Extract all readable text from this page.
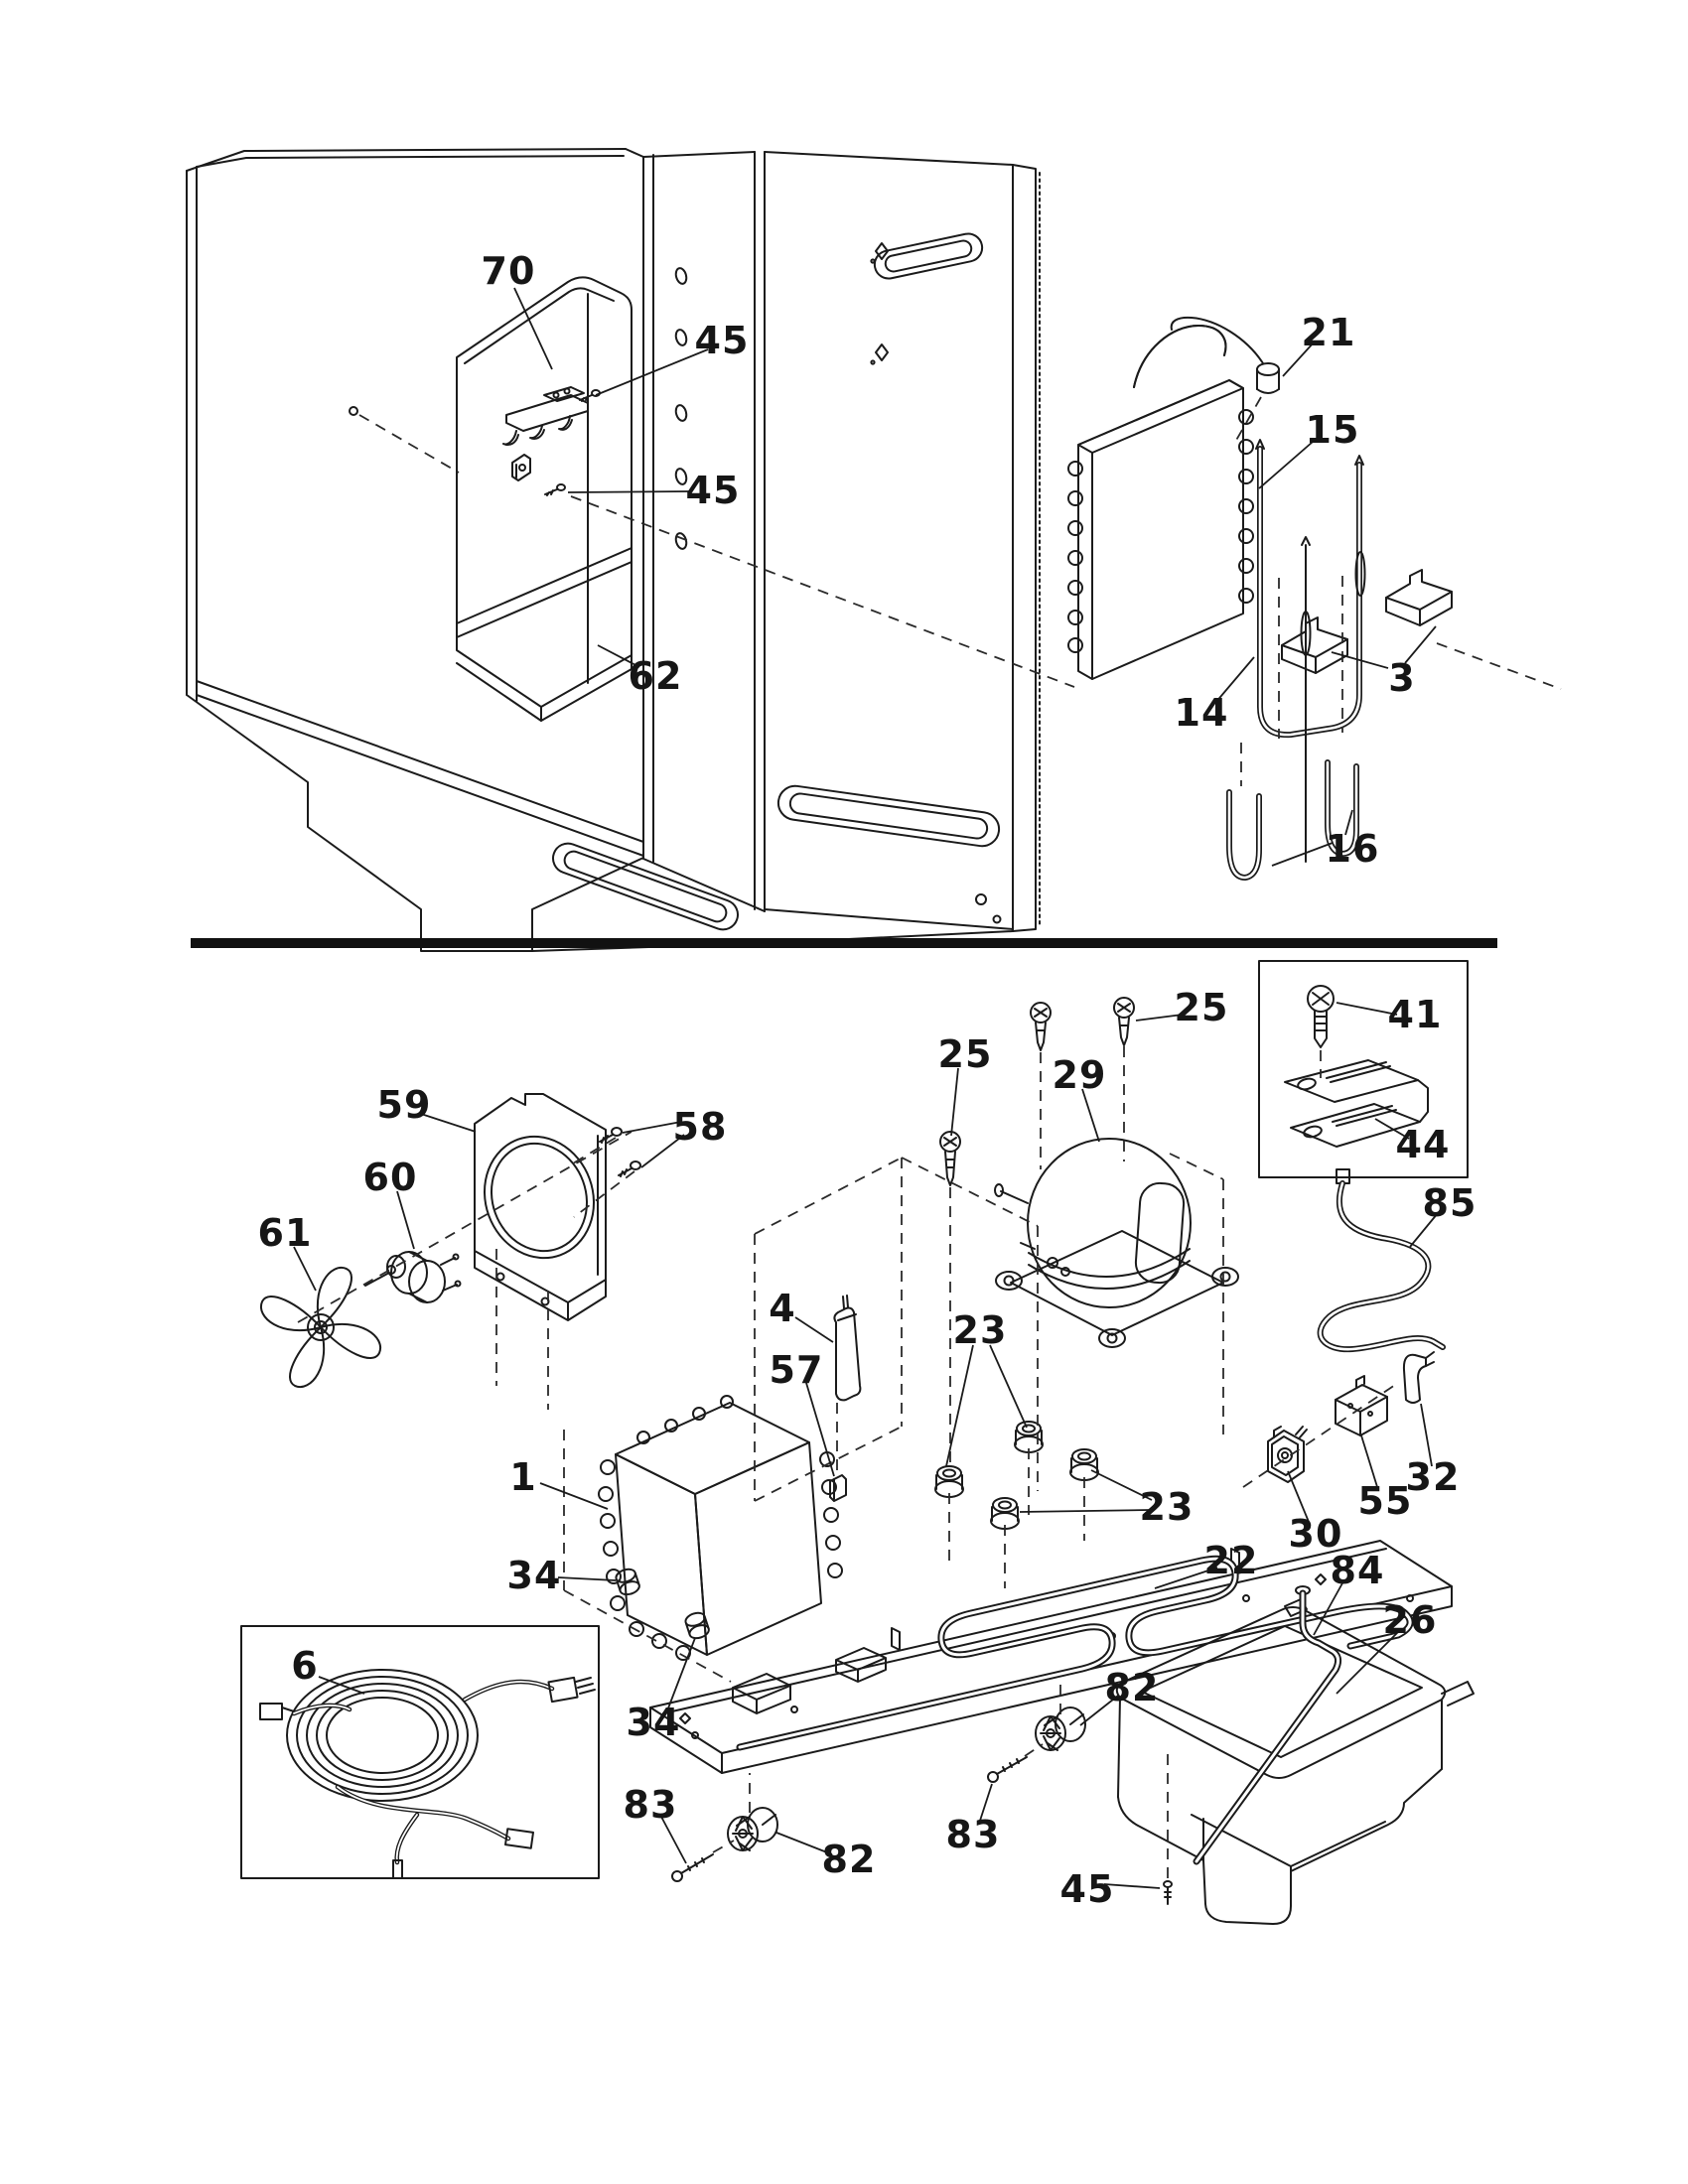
70
45
45
62
21
15
3
14
16
59	58
60
61
25
25
29
41
44
85
4
57
23
1
34
32
55
30
23
22 84
26
34
6
83
82
83
82
45
